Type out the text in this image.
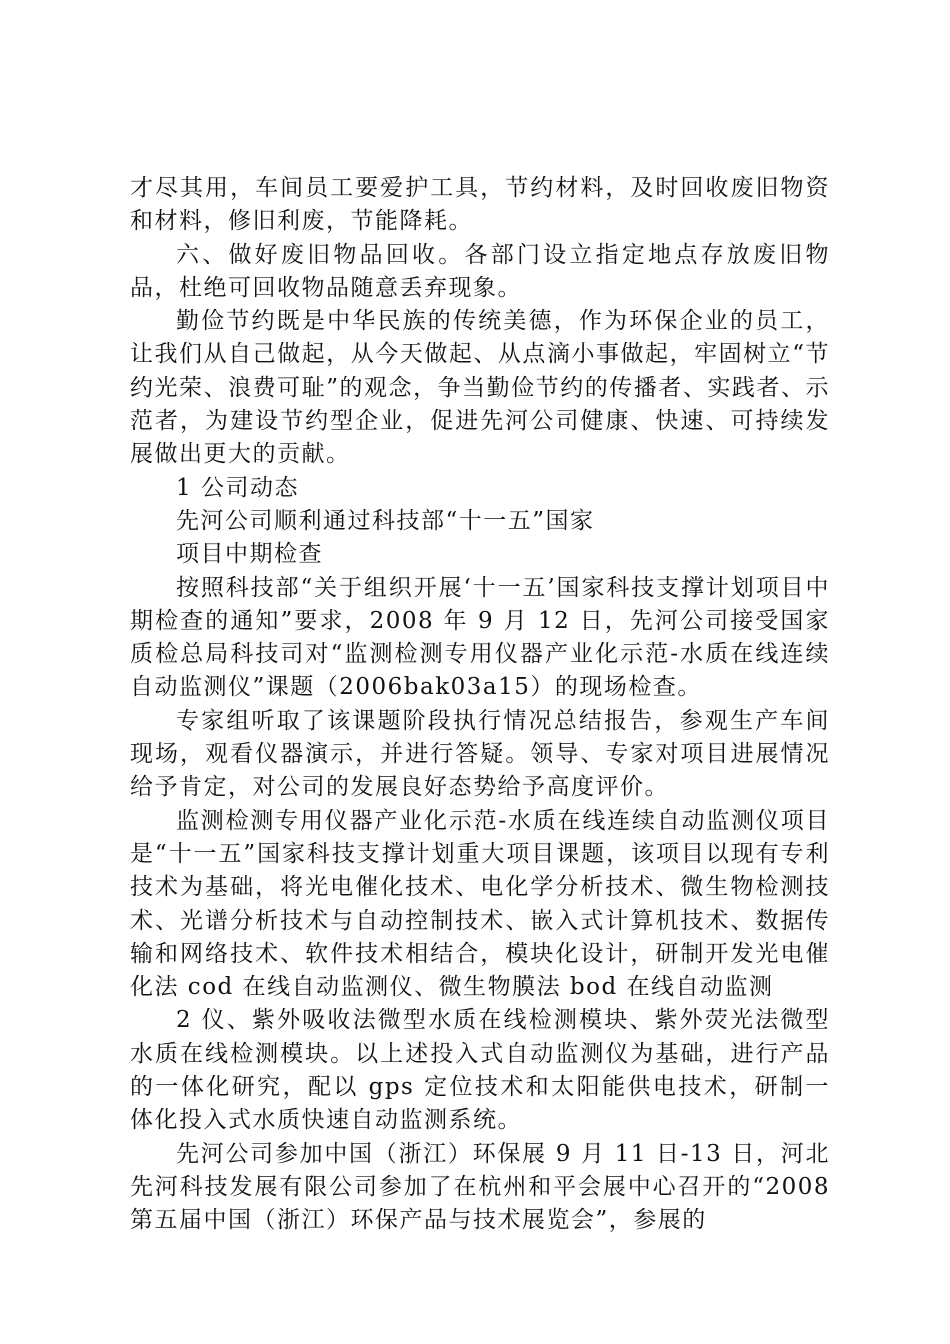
才尽其用，车间员工要爱护工具，节约材料，及时回收废旧物资和材料，修旧利废，节能降耗。

六、做好废旧物品回收。各部门设立指定地点存放废旧物品，杜绝可回收物品随意丢弃现象。

勤俭节约既是中华民族的传统美德，作为环保企业的员工，让我们从自己做起，从今天做起、从点滴小事做起，牢固树立“节约光荣、浪费可耻”的观念，争当勤俭节约的传播者、实践者、示范者，为建设节约型企业，促进先河公司健康、快速、可持续发展做出更大的贡献。

1 公司动态

先河公司顺利通过科技部“十一五”国家

项目中期检查

按照科技部“关于组织开展‘十一五’国家科技支撑计划项目中期检查的通知”要求，2008 年 9 月 12 日，先河公司接受国家质检总局科技司对“监测检测专用仪器产业化示范-水质在线连续自动监测仪”课题（2006bak03a15）的现场检查。

专家组听取了该课题阶段执行情况总结报告，参观生产车间现场，观看仪器演示，并进行答疑。领导、专家对项目进展情况给予肯定，对公司的发展良好态势给予高度评价。

监测检测专用仪器产业化示范-水质在线连续自动监测仪项目是“十一五”国家科技支撑计划重大项目课题，该项目以现有专利技术为基础，将光电催化技术、电化学分析技术、微生物检测技术、光谱分析技术与自动控制技术、嵌入式计算机技术、数据传输和网络技术、软件技术相结合，模块化设计，研制开发光电催化法 cod 在线自动监测仪、微生物膜法 bod 在线自动监测

2 仪、紫外吸收法微型水质在线检测模块、紫外荧光法微型水质在线检测模块。以上述投入式自动监测仪为基础，进行产品的一体化研究，配以 gps 定位技术和太阳能供电技术，研制一体化投入式水质快速自动监测系统。

先河公司参加中国（浙江）环保展 9 月 11 日-13 日，河北先河科技发展有限公司参加了在杭州和平会展中心召开的“2008 第五届中国（浙江）环保产品与技术展览会”，参展的
